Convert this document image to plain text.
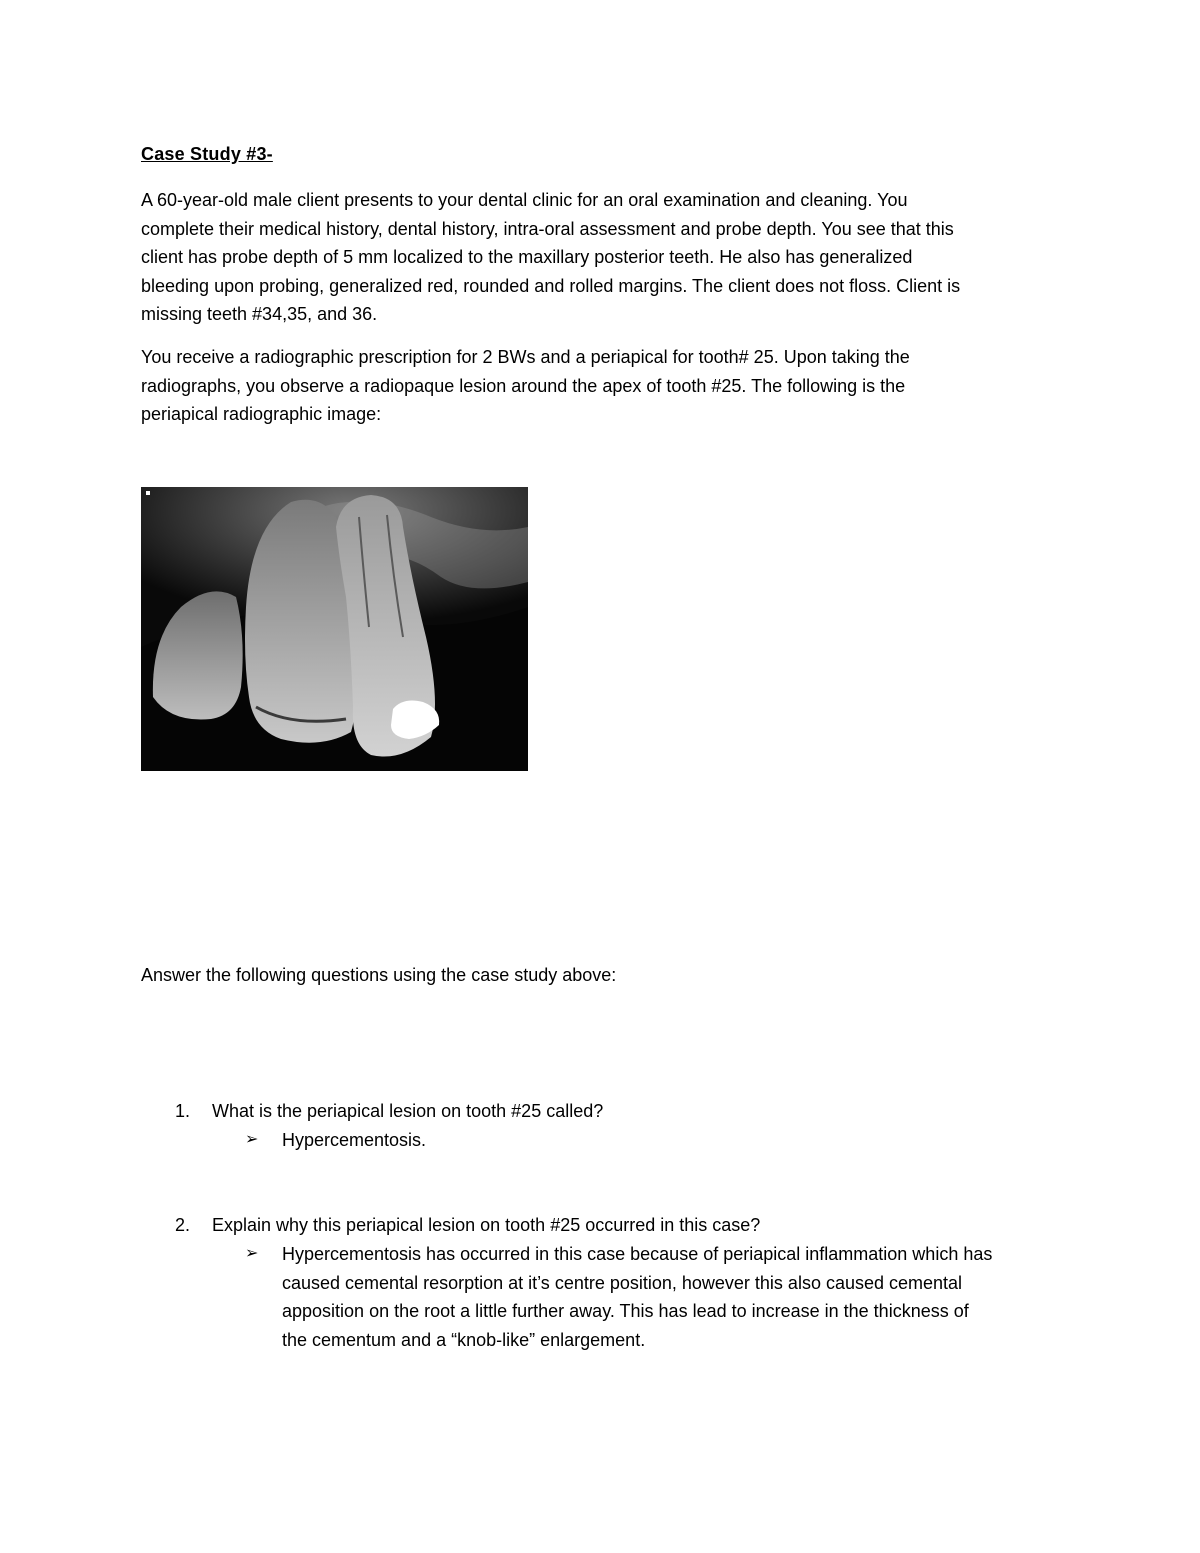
Case Study #3-

A 60-year-old male client presents to your dental clinic for an oral examination and cleaning. You
complete their medical history, dental history, intra-oral assessment and probe depth. You see that this
client has probe depth of 5 mm localized to the maxillary posterior teeth. He also has generalized
bleeding upon probing, generalized red, rounded and rolled margins. The client does not floss. Client is
missing teeth #34,35, and 36.

You receive a radiographic prescription for 2 BWs and a periapical for tooth# 25. Upon taking the
radiographs, you observe a radiopaque lesion around the apex of tooth #25. The following is the
periapical radiographic image:

Answer the following questions using the case study above:
1. What is the periapical lesion on tooth #25 called?
➢ Hypercementosis.
2. Explain why this periapical lesion on tooth #25 occurred in this case?
➢ Hypercementosis has occurred in this case because of periapical inflammation which has
caused cemental resorption at it’s centre position, however this also caused cemental
apposition on the root a little further away. This has lead to increase in the thickness of
the cementum and a “knob-like” enlargement.
